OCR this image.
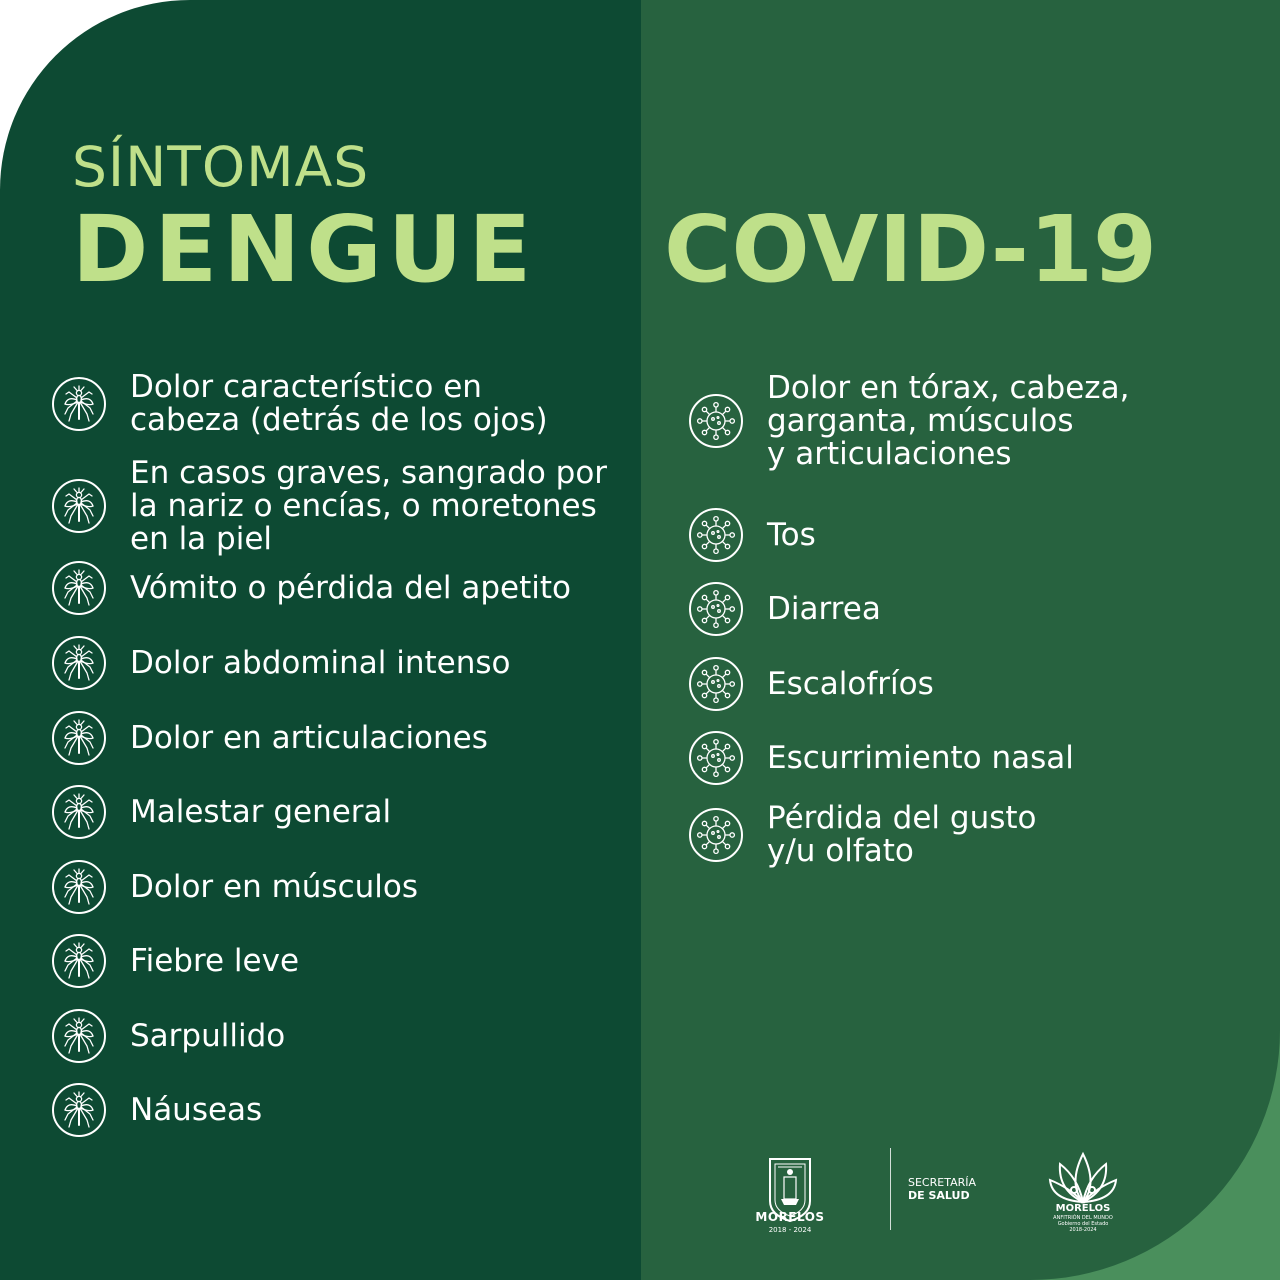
SÍNTOMAS
DENGUE COVID-19
Dolor característico en
cabeza (detrás de los ojos)
En casos graves, sangrado por
la nariz o encías, o moretones
en la piel
Vómito o pérdida del apetito
Dolor abdominal intenso
Dolor en articulaciones
Malestar general
Dolor en músculos
Fiebre leve
Sarpullido
Náuseas
Dolor en tórax, cabeza,
garganta, músculos
y articulaciones
Tos
Diarrea
Escalofríos
Escurrimiento nasal
Pérdida del gusto
y/u olfato
MORELOS
2018 - 2024
SECRETARÍA
DE SALUD
MORELOS
ANFITRIÓN DEL MUNDO
Gobierno del Estado
2018-2024
